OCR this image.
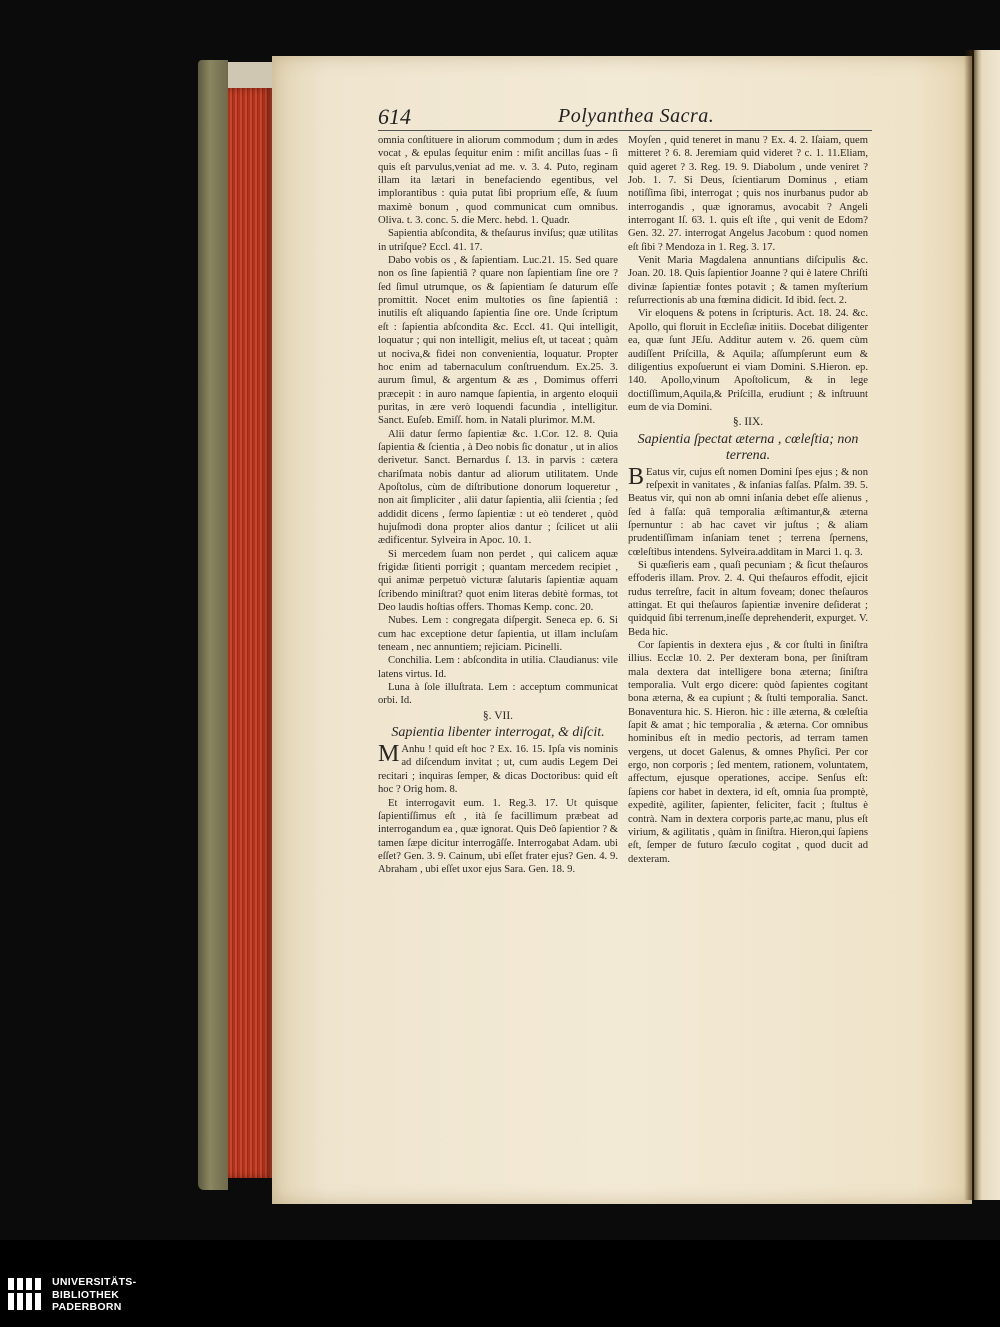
614	Polyanthea Sacra.

omnia conſtituere in aliorum commodum ; dum in ædes vocat , & epulas ſequitur enim : miſit ancillas ſuas - ſi quis eſt parvulus,veniat ad me. v. 3. 4. Puto, reginam illam ita lætari in benefaciendo egentibus, vel implorantibus : quia putat ſibi proprium eſſe, & ſuum maximè bonum , quod communicat cum omnibus. Oliva. t. 3. conc. 5. die Merc. hebd. 1. Quadr.

Sapientia abſcondita, & theſaurus inviſus; quæ utilitas in utriſque? Eccl. 41. 17.

Dabo vobis os , & ſapientiam. Luc.21. 15. Sed quare non os ſine ſapientiâ ? quare non ſapientiam ſine ore ? ſed ſimul utrumque, os & ſapientiam ſe daturum eſſe promittit. Nocet enim multoties os ſine ſapientiâ : inutilis eſt aliquando ſapientia ſine ore. Unde ſcriptum eſt : ſapientia abſcondita &c. Eccl. 41. Qui intelligit, loquatur ; qui non intelligit, melius eſt, ut taceat ; quàm ut nociva,& fidei non convenientia, loquatur. Propter hoc enim ad tabernaculum conſtruendum. Ex.25. 3. aurum ſimul, & argentum & æs , Domimus offerri præcepit : in auro namque ſapientia, in argento eloquii puritas, in ære verò loquendi facundia , intelligitur. Sanct. Euſeb. Emiſſ. hom. in Natali plurimor. M.M.

Alii datur ſermo ſapientiæ &c. 1.Cor. 12. 8. Quia ſapientia & ſcientia , à Deo nobis ſic donatur , ut in alios derivetur. Sanct. Bernardus ſ. 13. in parvis : cætera chariſmata nobis dantur ad aliorum utilitatem. Unde Apoſtolus, cùm de diſtributione donorum loqueretur , non ait ſimpliciter , alii datur ſapientia, alii ſcientia ; ſed addidit dicens , ſermo ſapientiæ : ut eò tenderet , quòd hujuſmodi dona propter alios dantur ; ſcilicet ut alii ædificentur. Sylveira in Apoc. 10. 1.

Si mercedem ſuam non perdet , qui calicem aquæ frigidæ ſitienti porrigit ; quantam mercedem recipiet , qui animæ perpetuò victuræ ſalutaris ſapientiæ aquam ſcribendo miniſtrat? quot enim literas debitè formas, tot Deo laudis hoſtias offers. Thomas Kemp. conc. 20.

Nubes. Lem : congregata diſpergit. Seneca ep. 6. Si cum hac exceptione detur ſapientia, ut illam incluſam teneam , nec annuntiem; rejiciam. Picinelli.

Conchilia. Lem : abſcondita in utilia. Claudianus: vile latens virtus. Id.

Luna à ſole illuſtrata. Lem : acceptum communicat orbi. Id.

§. VII.

Sapientia libenter interrogat, & diſcit.

MAnhu ! quid eſt hoc ? Ex. 16. 15. Ipſa vis nominis ad diſcendum invitat ; ut, cum audis Legem Dei recitari ; inquiras ſemper, & dicas Doctoribus: quid eſt hoc ? Orig hom. 8.

Et interrogavit eum. 1. Reg.3. 17. Ut quisque ſapientiſſimus eſt , ità ſe facillimum præbeat ad interrogandum ea , quæ ignorat. Quis Deô ſapientior ? & tamen ſæpe dicitur interrogâſſe. Interrogabat Adam. ubi eſſet? Gen. 3. 9. Cainum, ubi eſſet frater ejus? Gen. 4. 9. Abraham , ubi eſſet uxor ejus Sara. Gen. 18. 9.

Moyſen , quid teneret in manu ? Ex. 4. 2. Iſaiam, quem mitteret ? 6. 8. Jeremiam quid videret ? c. 1. 11.Eliam, quid ageret ? 3. Reg. 19. 9. Diabolum , unde veniret ? Job. 1. 7. Si Deus, ſcientiarum Dominus , etiam notiſſima ſibi, interrogat ; quis nos inurbanus pudor ab interrogandis , quæ ignoramus, avocabit ? Angeli interrogant Iſ. 63. 1. quis eſt iſte , qui venit de Edom? Gen. 32. 27. interrogat Angelus Jacobum : quod nomen eſt ſibi ? Mendoza in 1. Reg. 3. 17.

Venit Maria Magdalena annuntians diſcipulis &c. Joan. 20. 18. Quis ſapientior Joanne ? qui è latere Chriſti divinæ ſapientiæ fontes potavit ; & tamen myſterium reſurrectionis ab una fœmina didicit. Id ibid. ſect. 2.

Vir eloquens & potens in ſcripturis. Act. 18. 24. &c. Apollo, qui floruit in Eccleſiæ initiis. Docebat diligenter ea, quæ ſunt JEſu. Additur autem v. 26. quem cùm audiſſent Priſcilla, & Aquila; aſſumpſerunt eum & diligentius expoſuerunt ei viam Domini. S.Hieron. ep. 140. Apollo,vinum Apoſtolicum, & in lege doctiſſimum,Aquila,& Priſcilla, erudiunt ; & inſtruunt eum de via Domini.

§. IIX.

Sapientia ſpectat æterna , cœleſtia; non terrena.

BEatus vir, cujus eſt nomen Domini ſpes ejus ; & non reſpexit in vanitates , & inſanias falſas. Pſalm. 39. 5. Beatus vir, qui non ab omni inſania debet eſſe alienus , ſed à falſa: quâ temporalia æſtimantur,& æterna ſpernuntur : ab hac cavet vir juſtus ; & aliam prudentiſſimam inſaniam tenet ; terrena ſpernens, cœleſtibus intendens. Sylveira.additam in Marci 1. q. 3.

Si quæſieris eam , quaſi pecuniam ; & ſicut theſauros effoderis illam. Prov. 2. 4. Qui theſauros effodit, ejicit rudus terreſtre, facit in altum foveam; donec theſauros attingat. Et qui theſauros ſapientiæ invenire deſiderat ; quidquid ſibi terrenum,ineſſe deprehenderit, expurget. V. Beda hic.

Cor ſapientis in dextera ejus , & cor ſtulti in ſiniſtra illius. Ecclæ 10. 2. Per dexteram bona, per ſiniſtram mala dextera dat intelligere bona æterna; ſiniſtra temporalia. Vult ergo dicere: quòd ſapientes cogitant bona æterna, & ea cupiunt ; & ſtulti temporalia. Sanct. Bonaventura hic. S. Hieron. hic : ille æterna, & cœleſtia ſapit & amat ; hic temporalia , & æterna. Cor omnibus hominibus eſt in medio pectoris, ad terram tamen vergens, ut docet Galenus, & omnes Phyſici. Per cor ergo, non corporis ; ſed mentem, rationem, voluntatem, affectum, ejusque operationes, accipe. Senſus eſt: ſapiens cor habet in dextera, id eſt, omnia ſua promptè, expeditè, agiliter, ſapienter, feliciter, facit ; ſtultus è contrà. Nam in dextera corporis parte,ac manu, plus eſt virium, & agilitatis , quàm in ſiniſtra. Hieron,qui ſapiens eſt, ſemper de futuro ſæculo cogitat , quod ducit ad dexteram.

UNIVERSITÄTS-
BIBLIOTHEK
PADERBORN
